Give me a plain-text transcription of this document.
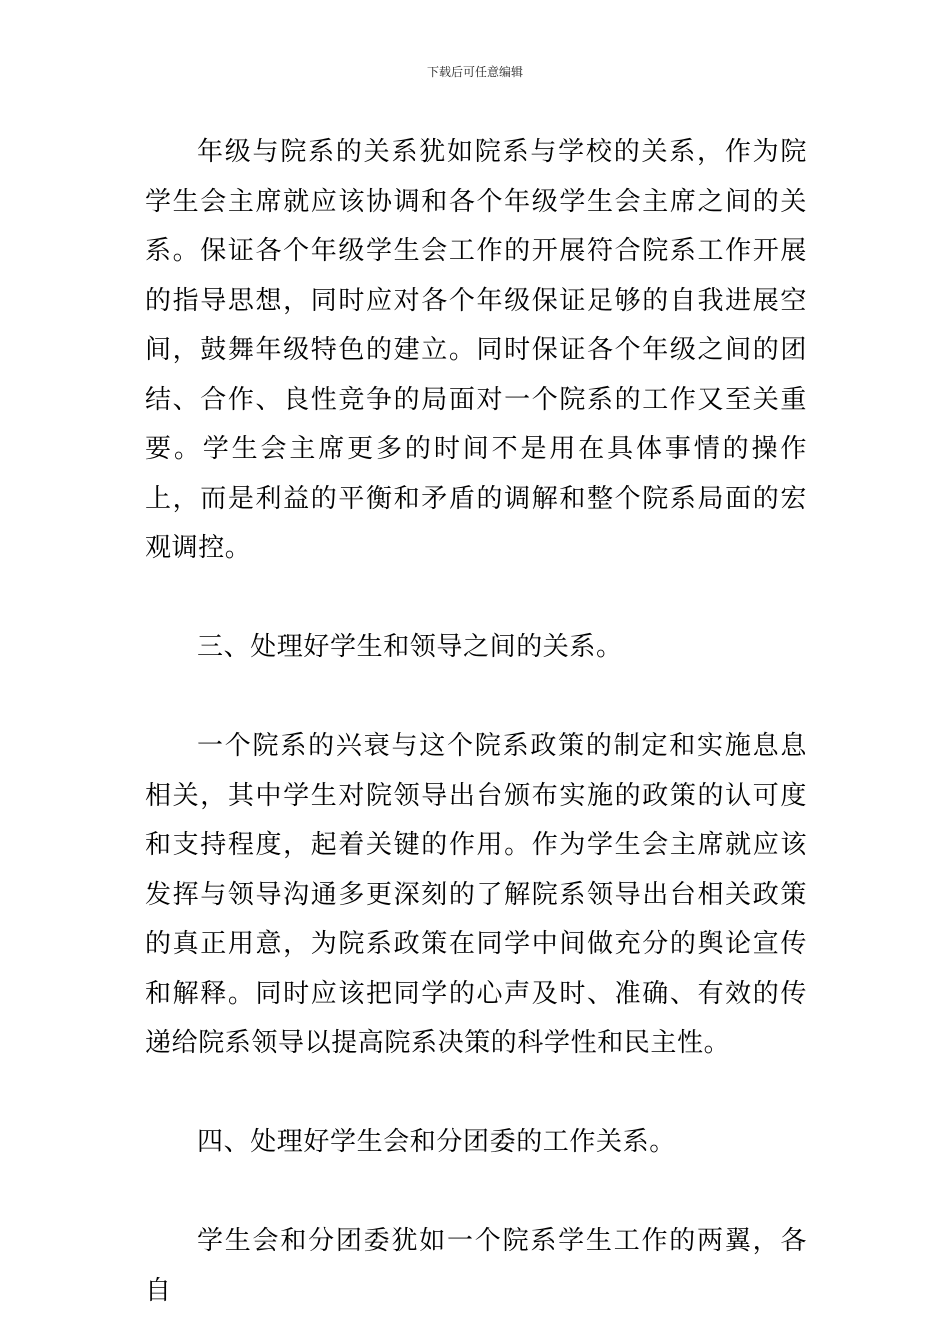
下载后可任意编辑

年级与院系的关系犹如院系与学校的关系，作为院学生会主席就应该协调和各个年级学生会主席之间的关系。保证各个年级学生会工作的开展符合院系工作开展的指导思想，同时应对各个年级保证足够的自我进展空间，鼓舞年级特色的建立。同时保证各个年级之间的团结、合作、良性竞争的局面对一个院系的工作又至关重要。学生会主席更多的时间不是用在具体事情的操作上，而是利益的平衡和矛盾的调解和整个院系局面的宏观调控。

三、处理好学生和领导之间的关系。

一个院系的兴衰与这个院系政策的制定和实施息息相关，其中学生对院领导出台颁布实施的政策的认可度和支持程度，起着关键的作用。作为学生会主席就应该发挥与领导沟通多更深刻的了解院系领导出台相关政策的真正用意，为院系政策在同学中间做充分的舆论宣传和解释。同时应该把同学的心声及时、准确、有效的传递给院系领导以提高院系决策的科学性和民主性。

四、处理好学生会和分团委的工作关系。

学生会和分团委犹如一个院系学生工作的两翼，各自
